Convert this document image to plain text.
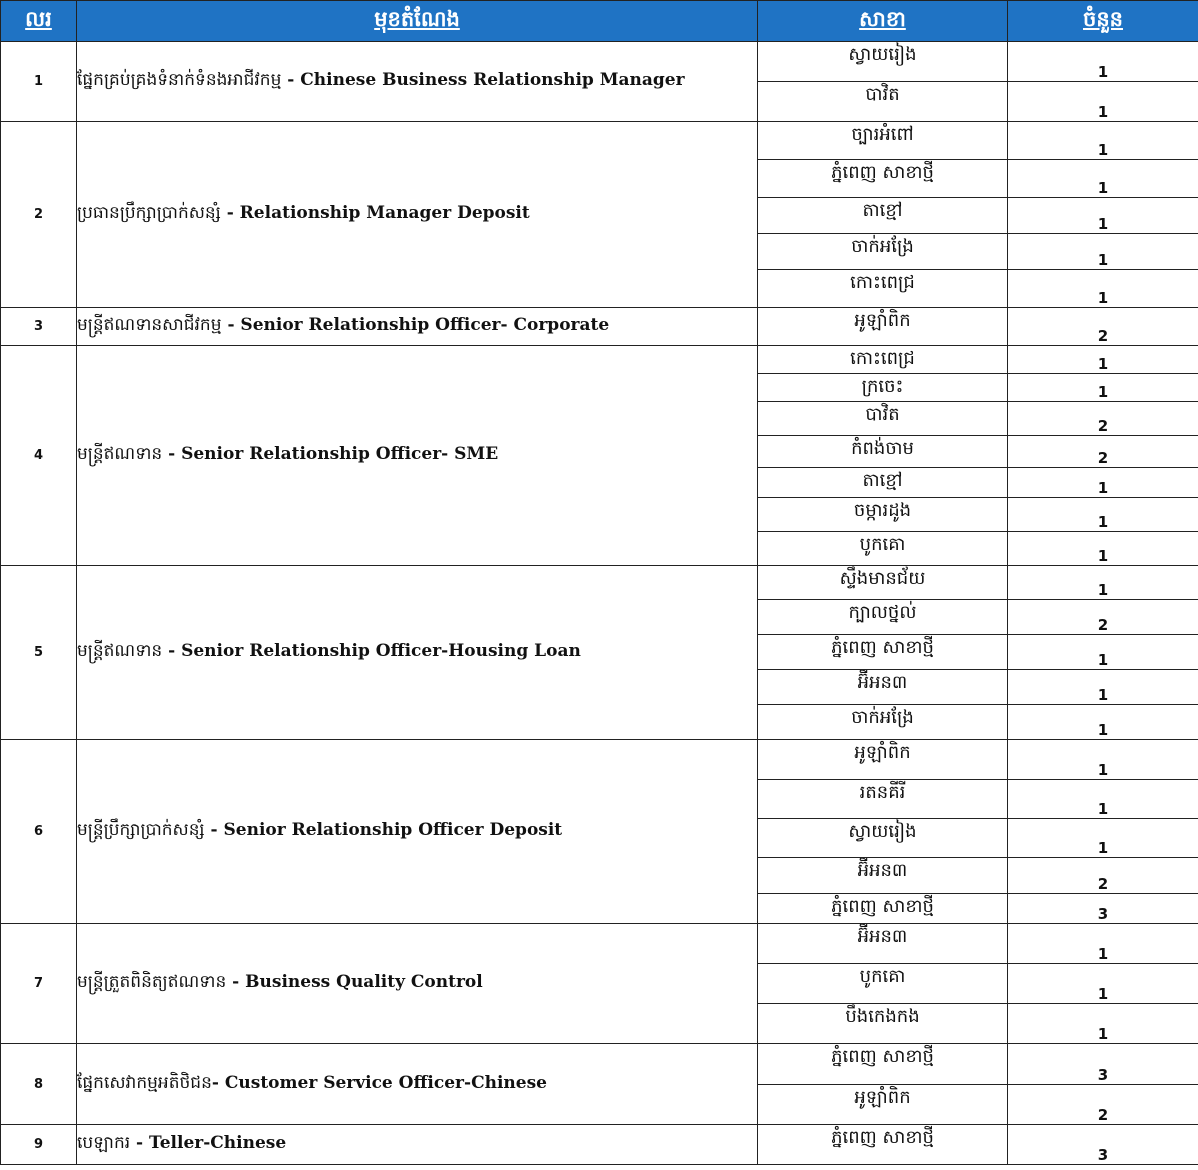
លរ	មុខតំណែង	សាខា	ចំនួន
1	ផ្នែកគ្រប់គ្រងទំនាក់ទំនងអាជីវកម្ម - Chinese Business Relationship Manager	ស្វាយរៀង	1
		បាវិត	1
2	ប្រធានប្រឹក្សាប្រាក់សន្សំ - Relationship Manager Deposit	ច្បារអំពៅ	1
		ភ្នំពេញ សាខាថ្មី	1
		តាខ្មៅ	1
		ចាក់អង្រែ	1
		កោះពេជ្រ	1
3	មន្ត្រីឥណទានសាជីវកម្ម - Senior Relationship Officer- Corporate	អូឡាំពិក	2
4	មន្ត្រីឥណទាន - Senior Relationship Officer- SME	កោះពេជ្រ	1
		ក្រចេះ	1
		បាវិត	2
		កំពង់ចាម	2
		តាខ្មៅ	1
		ចម្ការដូង	1
		បូកគោ	1
5	មន្ត្រីឥណទាន - Senior Relationship Officer-Housing Loan	ស្ទឹងមានជ័យ	1
		ក្បាលថ្នល់	2
		ភ្នំពេញ សាខាថ្មី	1
		អ៊ីអន៣	1
		ចាក់អង្រែ	1
6	មន្ត្រីប្រឹក្សាប្រាក់សន្សំ - Senior Relationship Officer Deposit	អូឡាំពិក	1
		រតនគីរី	1
		ស្វាយរៀង	1
		អ៊ីអន៣	2
		ភ្នំពេញ សាខាថ្មី	3
7	មន្ត្រីត្រួតពិនិត្យឥណទាន - Business Quality Control	អ៊ីអន៣	1
		បូកគោ	1
		បឹងកេងកង	1
8	ផ្នែកសេវាកម្មអតិថិជន- Customer Service Officer-Chinese	ភ្នំពេញ សាខាថ្មី	3
		អូឡាំពិក	2
9	បេឡាករ - Teller-Chinese	ភ្នំពេញ សាខាថ្មី	3
